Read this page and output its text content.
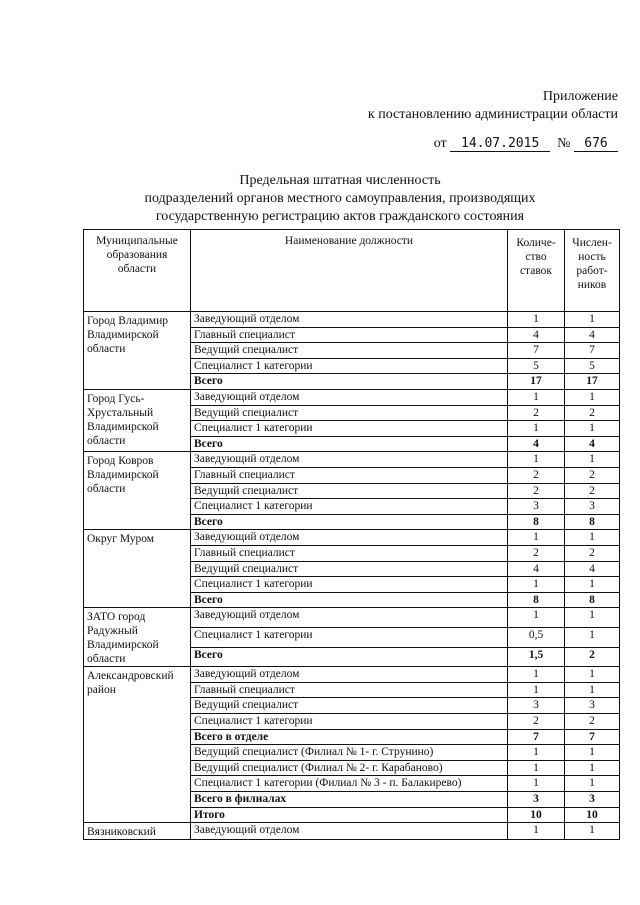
Приложение
к постановлению администрации области
от 14.07.2015 № 676
Предельная штатная численность
подразделений органов местного самоуправления, производящих
государственную регистрацию актов гражданского состояния
Муниципальные образования области	Наименование должности	Количе-ство ставок	Числен-ность работ-ников
Город Владимир Владимирской области	Заведующий отделом	1	1
	Главный специалист	4	4
	Ведущий специалист	7	7
	Специалист 1 категории	5	5
	Всего	17	17
Город Гусь-Хрустальный Владимирской области	Заведующий отделом	1	1
	Ведущий специалист	2	2
	Специалист 1 категории	1	1
	Всего	4	4
Город Ковров Владимирской области	Заведующий отделом	1	1
	Главный специалист	2	2
	Ведущий специалист	2	2
	Специалист 1 категории	3	3
	Всего	8	8
Округ Муром	Заведующий отделом	1	1
	Главный специалист	2	2
	Ведущий специалист	4	4
	Специалист 1 категории	1	1
	Всего	8	8
ЗАТО город Радужный Владимирской области	Заведующий отделом	1	1
	Специалист 1 категории	0,5	1
	Всего	1,5	2
Александровский район	Заведующий отделом	1	1
	Главный специалист	1	1
	Ведущий специалист	3	3
	Специалист 1 категории	2	2
	Всего в отделе	7	7
	Ведущий специалист (Филиал № 1- г. Струнино)	1	1
	Ведущий специалист (Филиал № 2- г. Карабаново)	1	1
	Специалист 1 категории (Филиал № 3 - п. Балакирево)	1	1
	Всего в филиалах	3	3
	Итого	10	10
Вязниковский	Заведующий отделом	1	1
